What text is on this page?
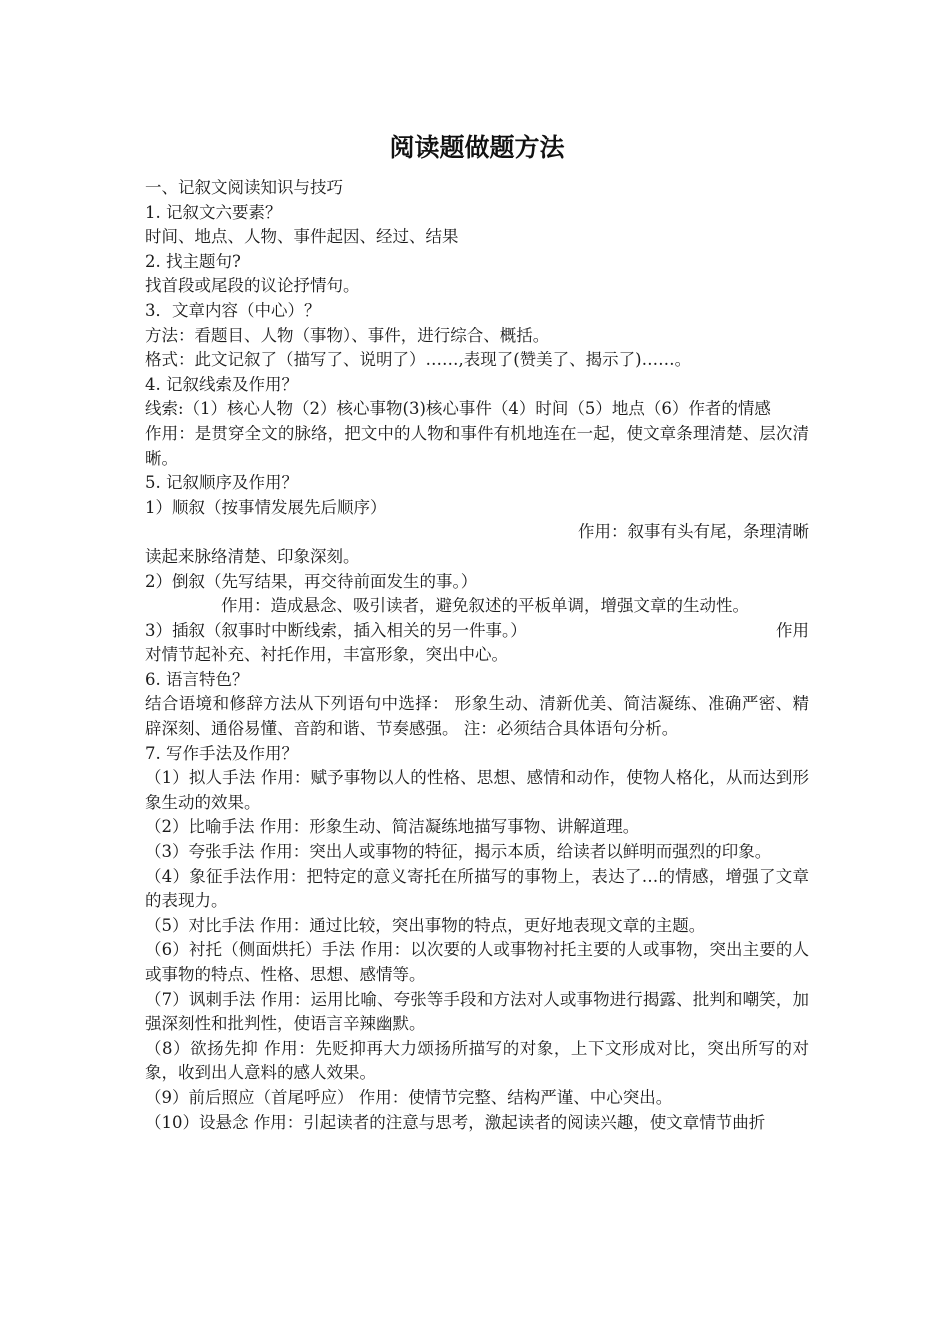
阅读题做题方法
一、记叙文阅读知识与技巧
1. 记叙文六要素？
时间、地点、人物、事件起因、经过、结果
2. 找主题句?
找首段或尾段的议论抒情句。
3．文章内容（中心）？
方法：看题目、人物（事物）、事件，进行综合、概括。
格式：此文记叙了（描写了、说明了）……,表现了(赞美了、揭示了)……。
4. 记叙线索及作用？
线索:（1）核心人物（2）核心事物(3)核心事件（4）时间（5）地点（6）作者的情感
作用：是贯穿全文的脉络，把文中的人物和事件有机地连在一起，使文章条理清楚、层次清晰。
5. 记叙顺序及作用？
1）顺叙（按事情发展先后顺序）
作用：叙事有头有尾，条理清晰
读起来脉络清楚、印象深刻。
2）倒叙（先写结果，再交待前面发生的事。）
作用：造成悬念、吸引读者，避免叙述的平板单调，增强文章的生动性。
3）插叙（叙事时中断线索，插入相关的另一件事。）	作用
对情节起补充、衬托作用，丰富形象，突出中心。
6. 语言特色？
结合语境和修辞方法从下列语句中选择： 形象生动、清新优美、简洁凝练、准确严密、精辟深刻、通俗易懂、音韵和谐、节奏感强。 注：必须结合具体语句分析。
7. 写作手法及作用？
（1）拟人手法 作用：赋予事物以人的性格、思想、感情和动作，使物人格化，从而达到形象生动的效果。
（2）比喻手法 作用：形象生动、简洁凝练地描写事物、讲解道理。
（3）夸张手法 作用：突出人或事物的特征，揭示本质，给读者以鲜明而强烈的印象。
（4）象征手法作用：把特定的意义寄托在所描写的事物上，表达了…的情感，增强了文章的表现力。
（5）对比手法 作用：通过比较，突出事物的特点，更好地表现文章的主题。
（6）衬托（侧面烘托）手法 作用：以次要的人或事物衬托主要的人或事物，突出主要的人或事物的特点、性格、思想、感情等。
（7）讽刺手法 作用：运用比喻、夸张等手段和方法对人或事物进行揭露、批判和嘲笑，加强深刻性和批判性，使语言辛辣幽默。
（8）欲扬先抑 作用：先贬抑再大力颂扬所描写的对象，上下文形成对比，突出所写的对象，收到出人意料的感人效果。
（9）前后照应（首尾呼应） 作用：使情节完整、结构严谨、中心突出。
（10）设悬念 作用：引起读者的注意与思考，激起读者的阅读兴趣，使文章情节曲折
